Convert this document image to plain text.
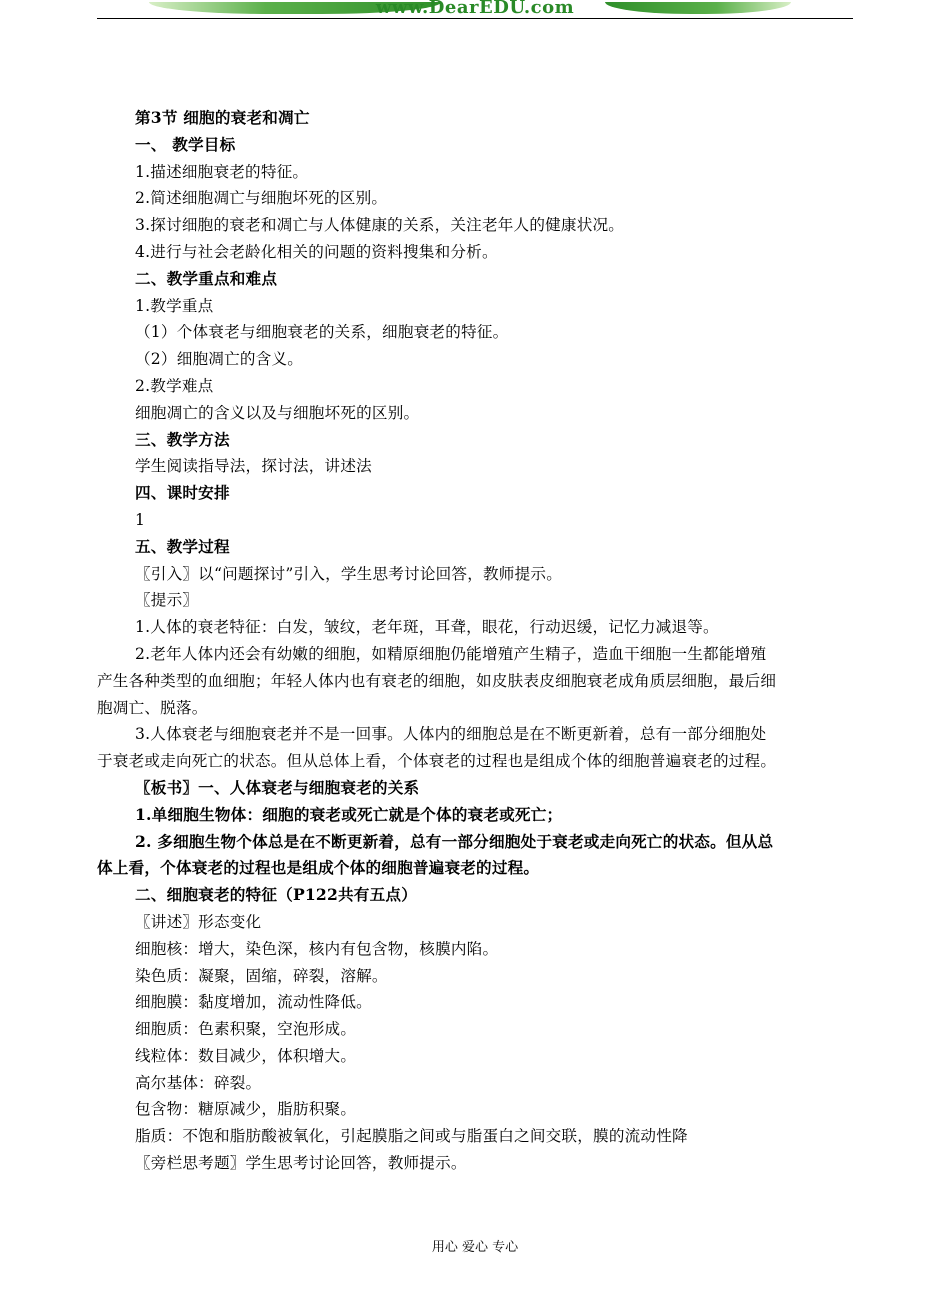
www.DearEDU.com
第3节 细胞的衰老和凋亡
一、 教学目标
1.描述细胞衰老的特征。
2.简述细胞凋亡与细胞坏死的区别。
3.探讨细胞的衰老和凋亡与人体健康的关系，关注老年人的健康状况。
4.进行与社会老龄化相关的问题的资料搜集和分析。
二、教学重点和难点
1.教学重点
（1）个体衰老与细胞衰老的关系，细胞衰老的特征。
（2）细胞凋亡的含义。
2.教学难点
细胞凋亡的含义以及与细胞坏死的区别。
三、教学方法
学生阅读指导法，探讨法，讲述法
四、课时安排
1
五、教学过程
〖引入〗以“问题探讨”引入，学生思考讨论回答，教师提示。
〖提示〗
1.人体的衰老特征：白发，皱纹，老年斑，耳聋，眼花，行动迟缓，记忆力减退等。
2.老年人体内还会有幼嫩的细胞，如精原细胞仍能增殖产生精子，造血干细胞一生都能增殖
产生各种类型的血细胞；年轻人体内也有衰老的细胞，如皮肤表皮细胞衰老成角质层细胞，最后细
胞凋亡、脱落。
3.人体衰老与细胞衰老并不是一回事。人体内的细胞总是在不断更新着，总有一部分细胞处
于衰老或走向死亡的状态。但从总体上看，个体衰老的过程也是组成个体的细胞普遍衰老的过程。
〖板书〗一、人体衰老与细胞衰老的关系
1.单细胞生物体：细胞的衰老或死亡就是个体的衰老或死亡；
2. 多细胞生物个体总是在不断更新着，总有一部分细胞处于衰老或走向死亡的状态。但从总
体上看，个体衰老的过程也是组成个体的细胞普遍衰老的过程。
二、细胞衰老的特征（P122共有五点）
〖讲述〗形态变化
细胞核：增大，染色深，核内有包含物，核膜内陷。
染色质：凝聚，固缩，碎裂，溶解。
细胞膜：黏度增加，流动性降低。
细胞质：色素积聚，空泡形成。
线粒体：数目减少，体积增大。
高尔基体：碎裂。
包含物：糖原减少，脂肪积聚。
脂质：不饱和脂肪酸被氧化，引起膜脂之间或与脂蛋白之间交联，膜的流动性降
〖旁栏思考题〗学生思考讨论回答，教师提示。
用心 爱心 专心
